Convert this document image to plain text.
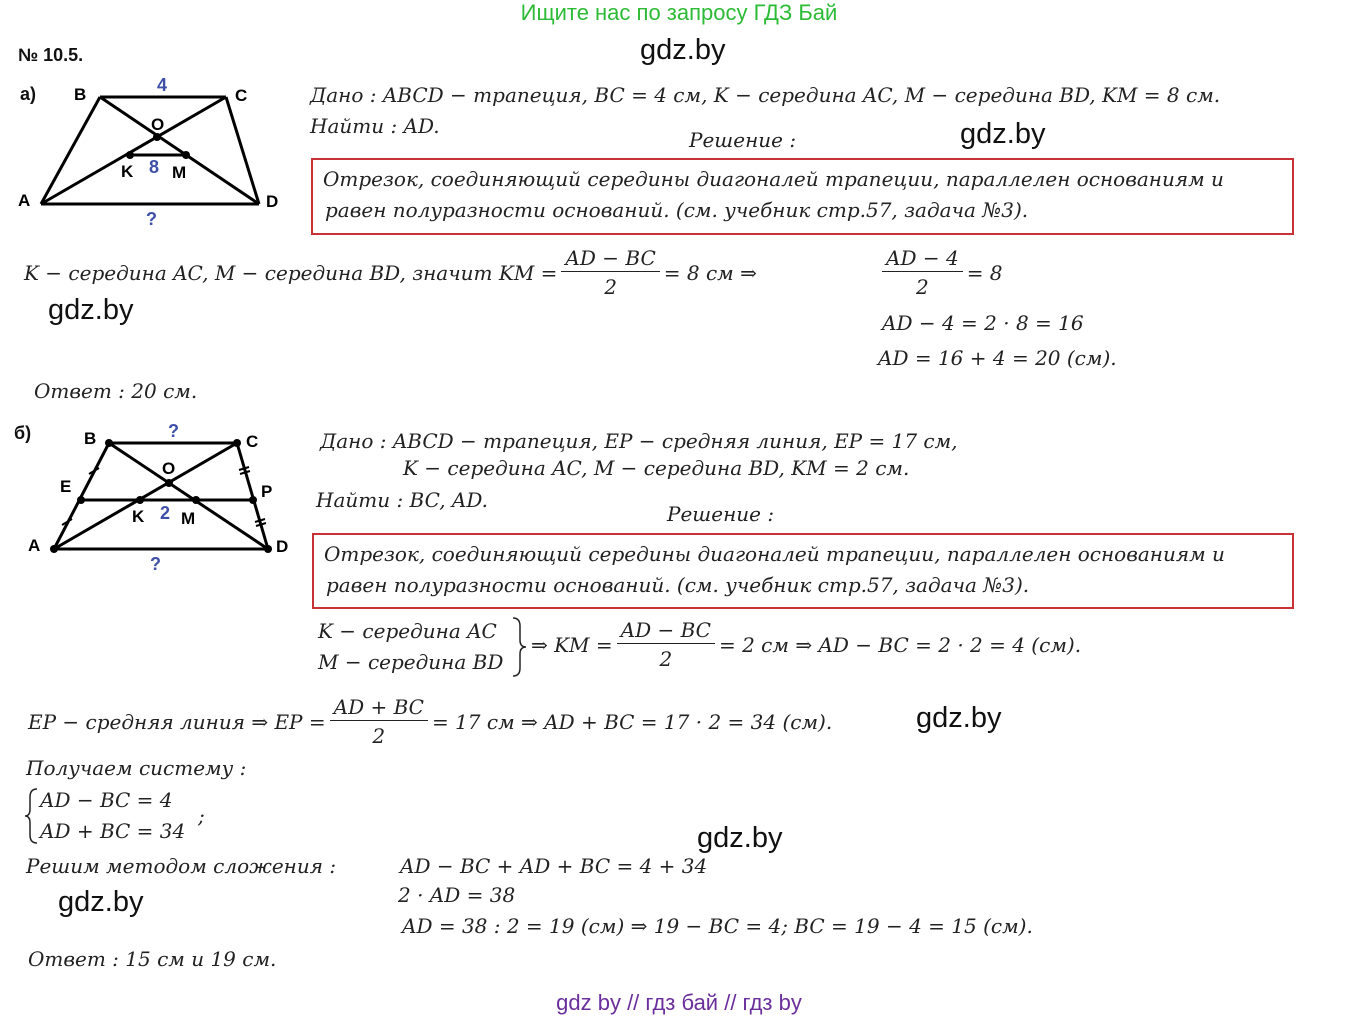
Ищите нас по запросу ГДЗ Бай
№ 10.5.	gdz.by
а) B	C
A	D
O
K M
4
8
?
Дано : ABCD − трапеция, BC = 4 см, K − середина AC, M − середина BD, KM = 8 см.
Найти : AD.
Решение :	gdz.by
Отрезок, соединяющий середины диагоналей трапеции, параллелен основаниям и
равен полуразности оснований. (см. учебник стр.57, задача №3).
K − середина AC, M − середина BD, значит KM = $\frac{AD - BC}{2} = 8$ см ⇒	$\frac{AD - 4}{2} = 8$
gdz.by	AD − 4 = 2 · 8 = 16
AD = 16 + 4 = 20 (см).
Ответ : 20 см.
б)	B	C
A	D
O
E	P
K M
?
2
?
Дано : ABCD − трапеция, EP − средняя линия, EP = 17 см,
K − середина AC, M − середина BD, KM = 2 см.
Найти : BC, AD.
Решение :
Отрезок, соединяющий середины диагоналей трапеции, параллелен основаниям и
равен полуразности оснований. (см. учебник стр.57, задача №3).
K − середина AC
M − середина BD
⇒ KM = $\frac{AD - BC}{2} = 2$ см ⇒ AD − BC = 2 · 2 = 4 (см).
EP − средняя линия ⇒ EP = $\frac{AD + BC}{2} = 17$ см ⇒ AD + BC = 17 · 2 = 34 (см).	gdz.by
Получаем систему :
AD − BC = 4
AD + BC = 34
;
gdz.by
Решим методом сложения :	AD − BC + AD + BC = 4 + 34
2 · AD = 38
gdz.by
AD = 38 : 2 = 19 (см) ⇒ 19 − BC = 4; BC = 19 − 4 = 15 (см).
Ответ : 15 см и 19 см.
gdz by // гдз бай // гдз by
